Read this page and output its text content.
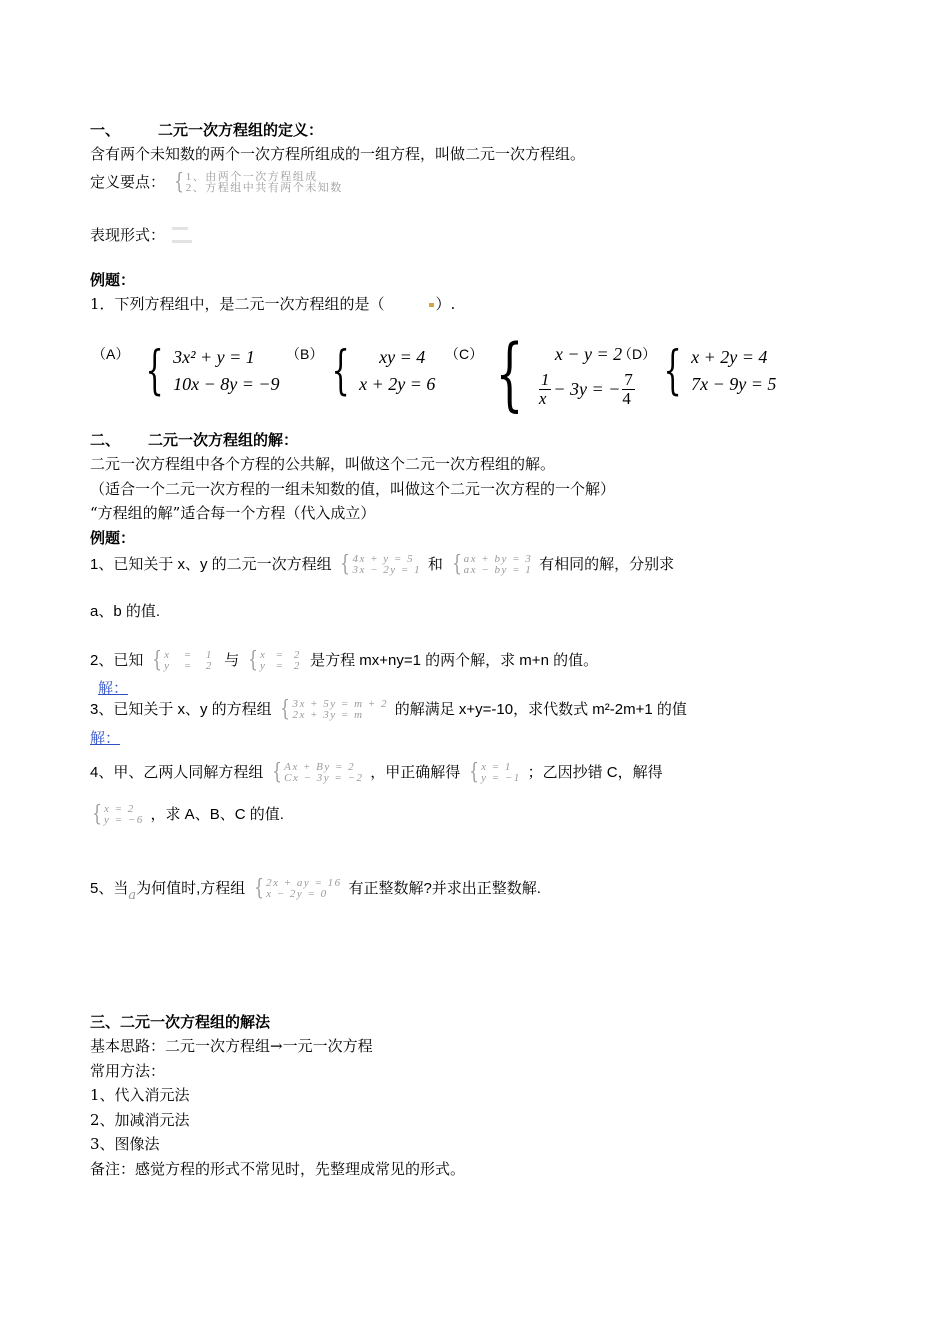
一、	二元一次方程组的定义：
含有两个未知数的两个一次方程所组成的一组方程，叫做二元一次方程组。
定义要点： { 1、由两个一次方程组成
2、方程组中共有两个未知数
表现形式：
例题：
1．下列方程组中，是二元一次方程组的是（	）.
（A） { 3x² + y = 1
10x − 8y = −9
（B） {	xy = 4
x + 2y = 6
（C） {	x − y = 2
$\frac{1}{x} - 3y$ = − $\frac{7}{4}$
（D） { x + 2y = 4
7x − 9y = 5
二、 二元一次方程组的解：
二元一次方程组中各个方程的公共解，叫做这个二元一次方程组的解。
（适合一个二元一次方程的一组未知数的值，叫做这个二元一次方程的一个解）
“方程组的解”适合每一个方程（代入成立）
例题：
1、已知关于 x、y 的二元一次方程组 { 4x + y = 5
3x − 2y = 1 和 { ax + by = 3
ax − by = 1 有相同的解，分别求
a、b 的值.
2、已知 { x = 1
y = 2 与 { x = 2
y = 2 是方程 mx+ny=1 的两个解，求 m+n 的值。
解：
3、已知关于 x、y 的方程组 { 3x + 5y = m + 2
2x + 3y = m	的解满足 x+y=-10，求代数式 m²-2m+1 的值
解：
4、甲、乙两人同解方程组 { Ax + By = 2
Cx − 3y = −2 ，甲正确解得 { x = 1
y = −1 ；乙因抄错 C，解得
{ x = 2
y = −6 ，求 A、B、C 的值.
5、当a为何值时,方程组 { 2x + ay = 16
x − 2y = 0	有正整数解?并求出正整数解.
三、二元一次方程组的解法
基本思路：二元一次方程组→一元一次方程
常用方法：
1、代入消元法
2、加减消元法
3、图像法
备注：感觉方程的形式不常见时，先整理成常见的形式。
